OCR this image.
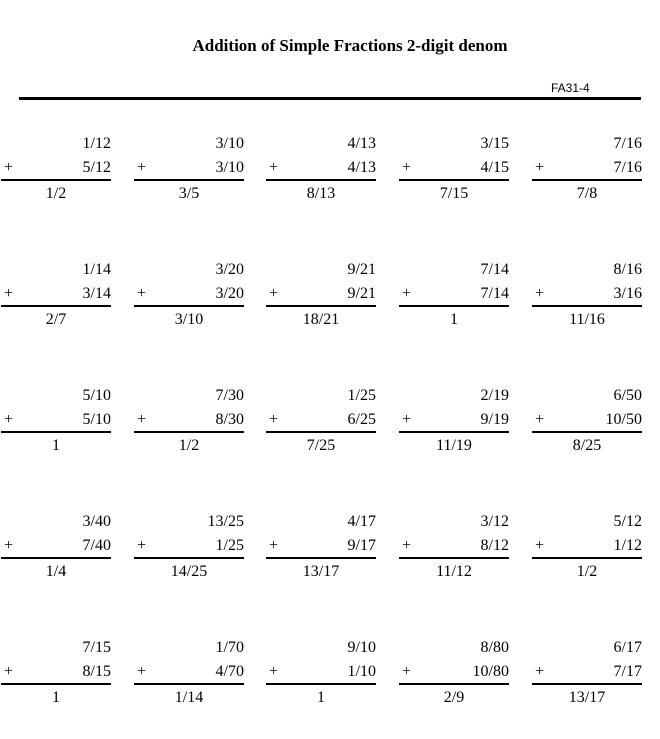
Addition of Simple Fractions 2-digit denom
FA31-4
1/12
+	5/12
1/2
3/10
+	3/10
3/5
4/13
+	4/13
8/13
3/15
+	4/15
7/15
7/16
+	7/16
7/8
1/14
+	3/14
2/7
3/20
+	3/20
3/10
9/21
+	9/21
18/21
7/14
+	7/14
1
8/16
+	3/16
11/16
5/10
+	5/10
1
7/30
+	8/30
1/2
1/25
+	6/25
7/25
2/19
+	9/19
11/19
6/50
+	10/50
8/25
3/40
+	7/40
1/4
13/25
+	1/25
14/25
4/17
+	9/17
13/17
3/12
+	8/12
11/12
5/12
+	1/12
1/2
7/15
+	8/15
1
1/70
+	4/70
1/14
9/10
+	1/10
1
8/80
+	10/80
2/9
6/17
+	7/17
13/17
